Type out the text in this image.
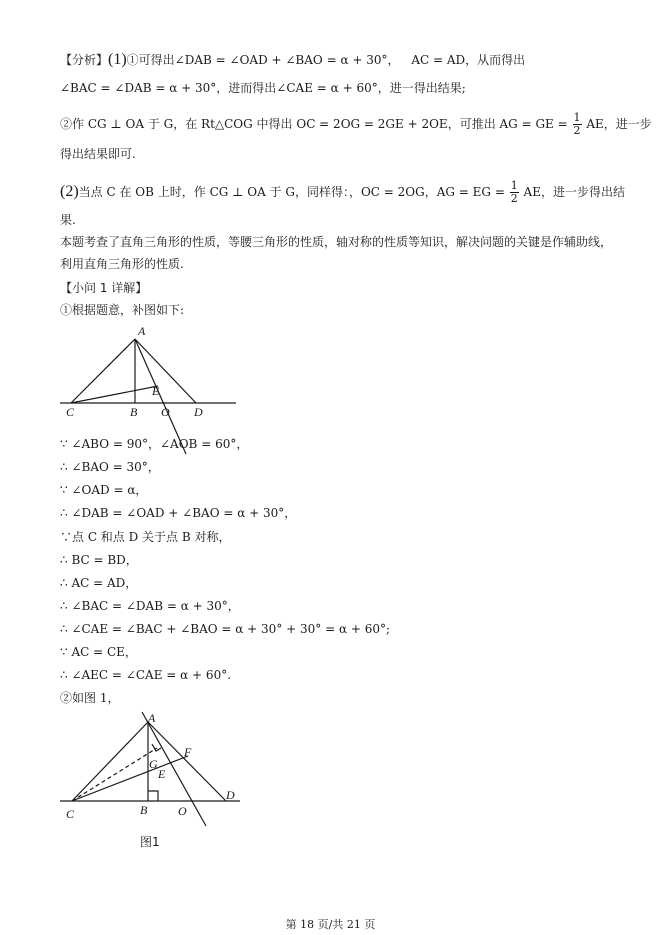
【分析】(1)①可得出∠DAB = ∠OAD + ∠BAO = α + 30°， AC = AD，从而得出
∠BAC = ∠DAB = α + 30°，进而得出∠CAE = α + 60°，进一得出结果;
②作 CG ⊥ OA 于 G，在 Rt△COG 中得出 OC = 2OG = 2GE + 2OE，可推出 AG = GE = $\frac{1}{2}$ AE，进一步
得出结果即可.
(2)当点 C 在 OB 上时，作 CG ⊥ OA 于 G，同样得：，OC = 2OG，AG = EG = $\frac{1}{2}$ AE，进一步得出结
果.
本题考查了直角三角形的性质，等腰三角形的性质，轴对称的性质等知识，解决问题的关键是作辅助线，
利用直角三角形的性质.
【小问 1 详解】
①根据题意，补图如下:
A
E
C	B O D
∵ ∠ABO = 90°，∠AOB = 60°，
∴ ∠BAO = 30°，
∵ ∠OAD = α，
∴ ∠DAB = ∠OAD + ∠BAO = α + 30°，
∵点 C 和点 D 关于点 B 对称，
∴ BC = BD，
∴ AC = AD，
∴ ∠BAC = ∠DAB = α + 30°，
∴ ∠CAE = ∠BAC + ∠BAO = α + 30° + 30° = α + 60°;
∵ AC = CE，
∴ ∠AEC = ∠CAE = α + 60°.
②如图 1，
A
F
G
E
C	B	O
D
图1
第 18 页/共 21 页
